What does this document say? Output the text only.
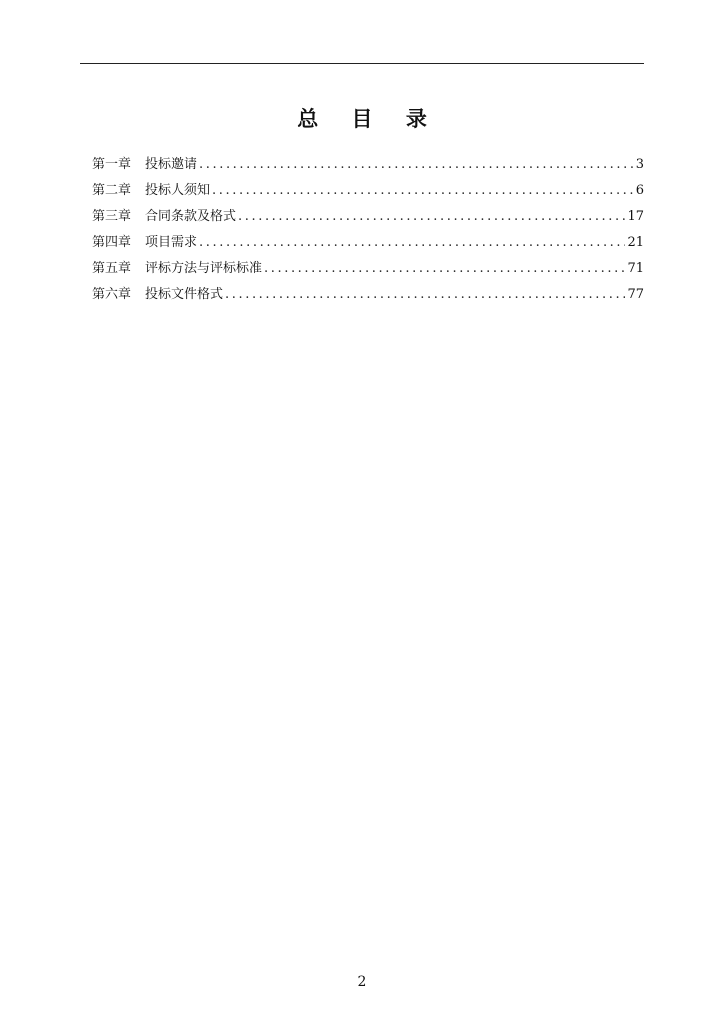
总 目 录
第一章	投标邀请 .....	3
第二章	投标人须知 .....	6
第三章	合同条款及格式 .....	17
第四章	项目需求 .....	21
第五章	评标方法与评标标准 .....	71
第六章	投标文件格式 .....	77
2
